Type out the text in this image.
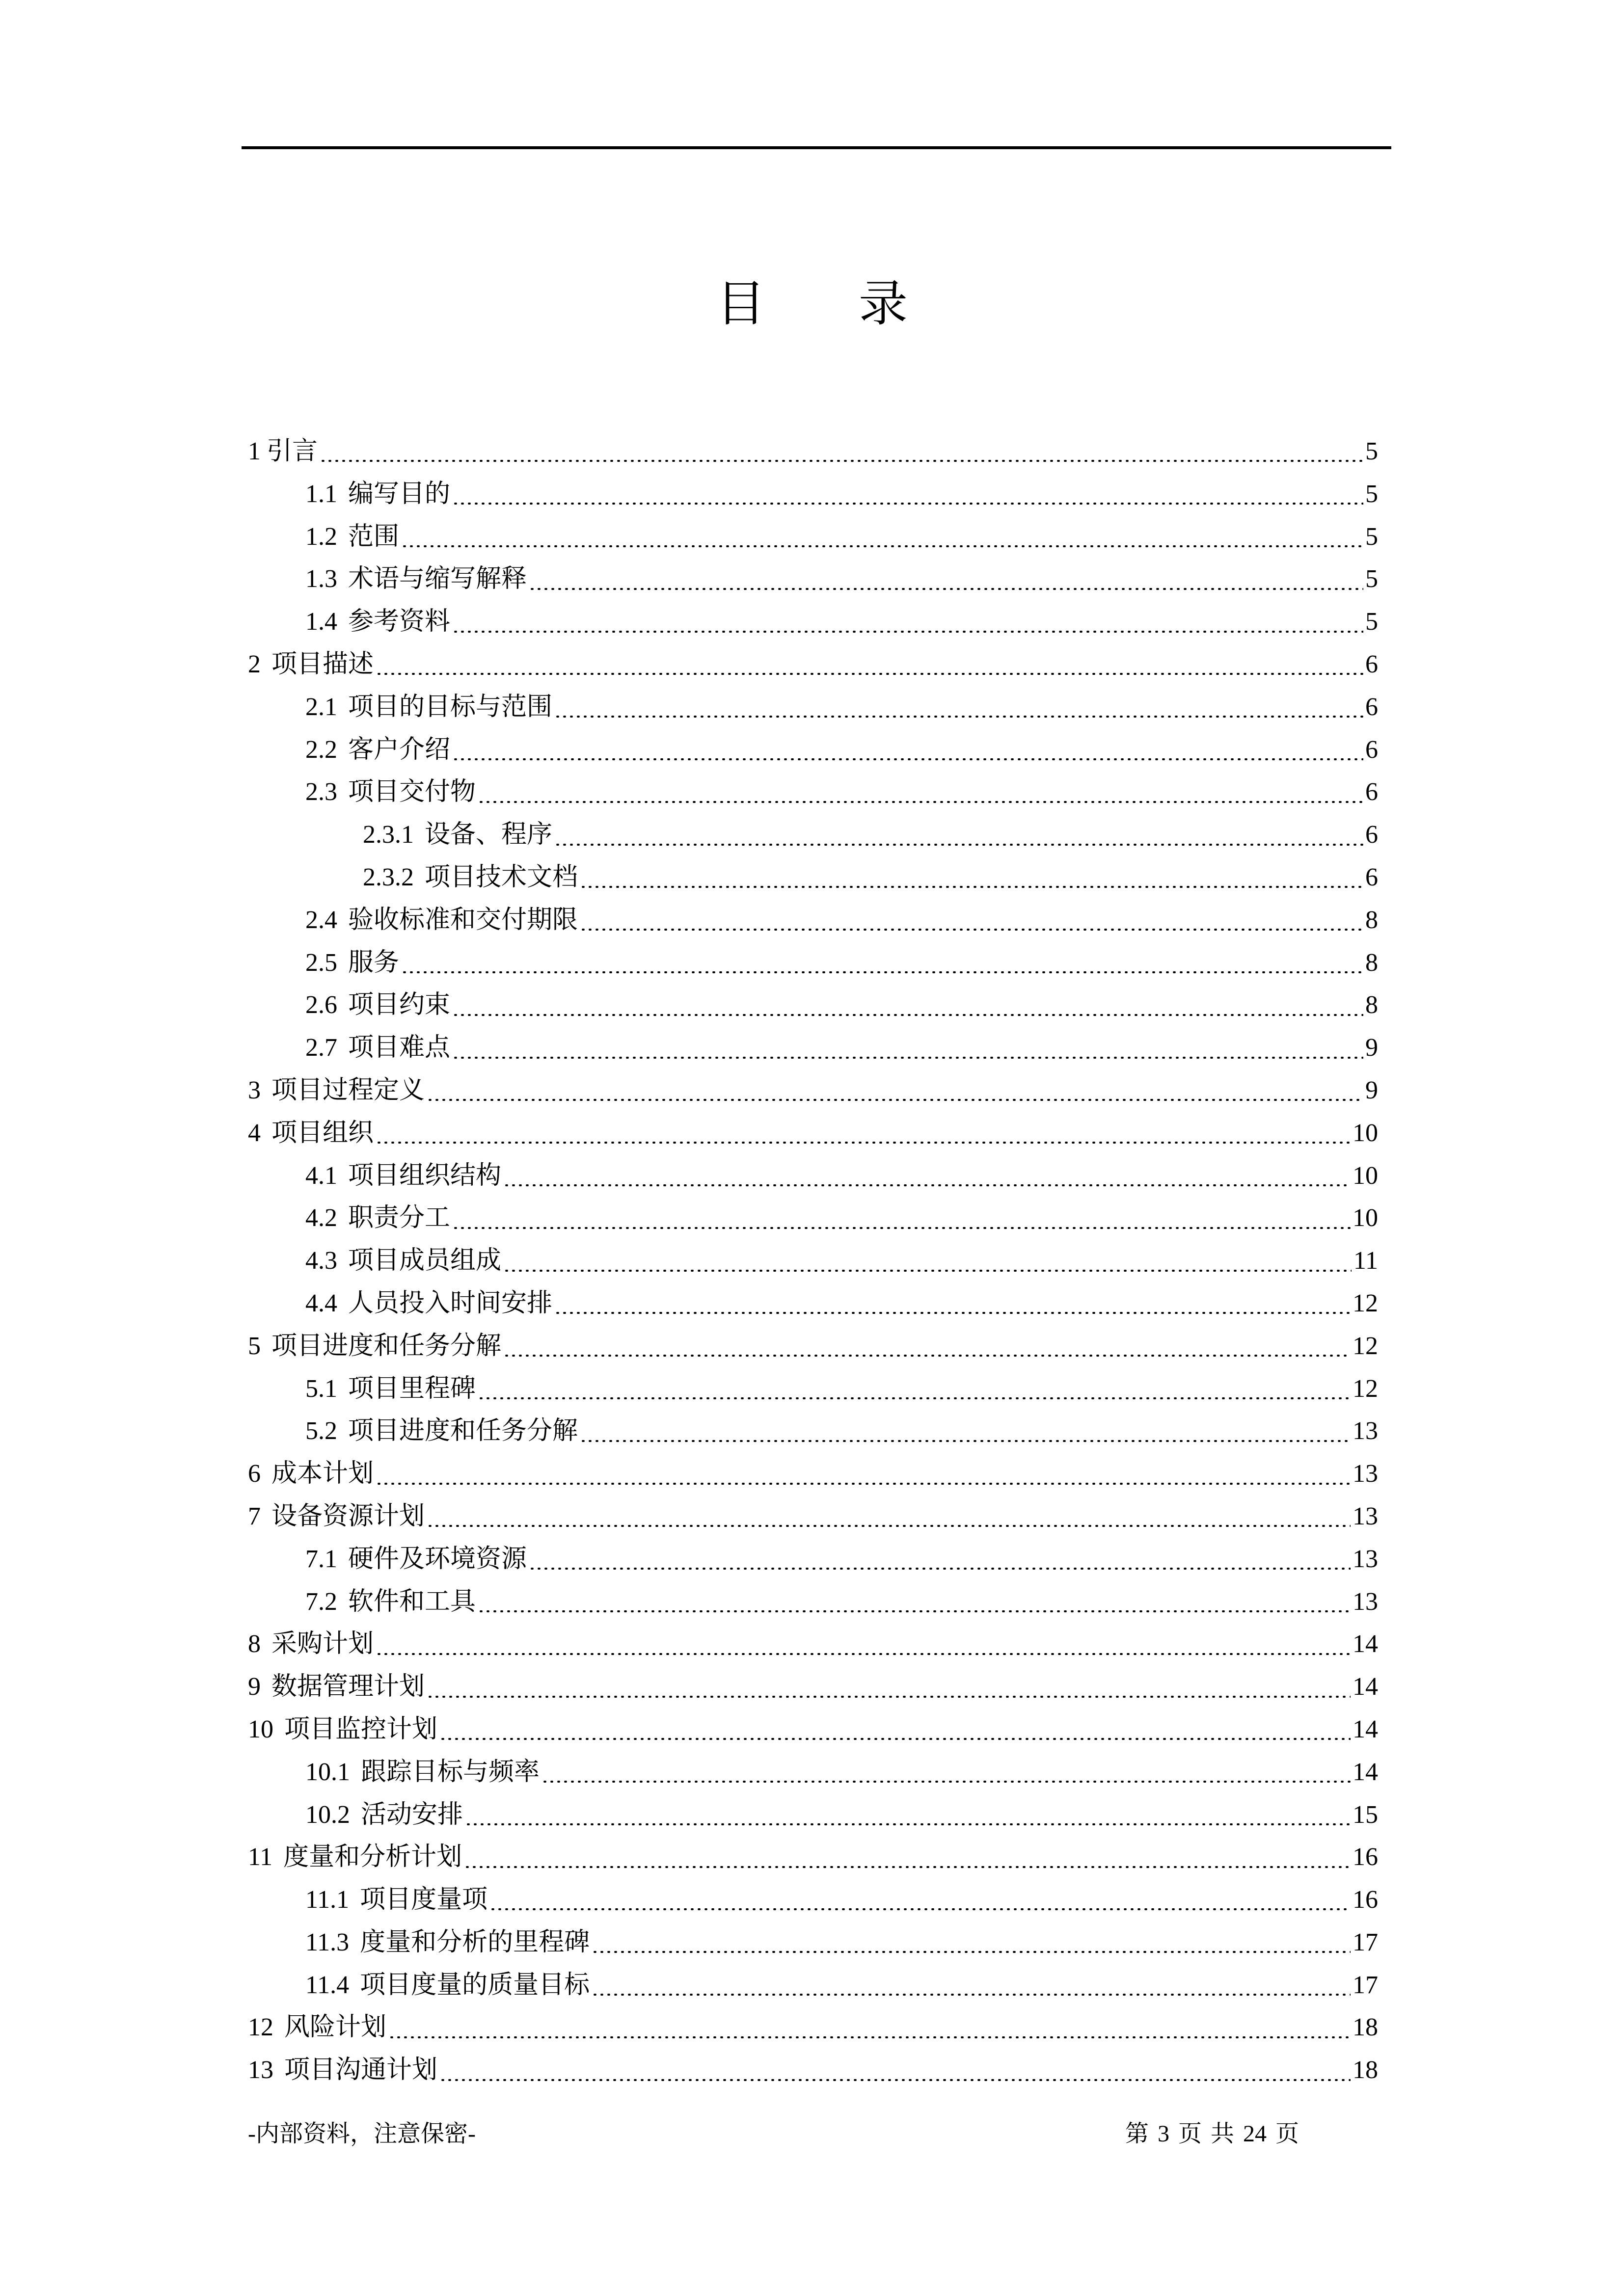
目 录
1 引言	5
1.1 编写目的	5
1.2 范围	5
1.3 术语与缩写解释	5
1.4 参考资料	5
2 项目描述	6
2.1 项目的目标与范围	6
2.2 客户介绍	6
2.3 项目交付物	6
2.3.1 设备、程序	6
2.3.2 项目技术文档	6
2.4 验收标准和交付期限	8
2.5 服务	8
2.6 项目约束	8
2.7 项目难点	9
3 项目过程定义	9
4 项目组织	10
4.1 项目组织结构	10
4.2 职责分工	10
4.3 项目成员组成	11
4.4 人员投入时间安排	12
5 项目进度和任务分解	12
5.1 项目里程碑	12
5.2 项目进度和任务分解	13
6 成本计划	13
7 设备资源计划	13
7.1 硬件及环境资源	13
7.2 软件和工具	13
8 采购计划	14
9 数据管理计划	14
10 项目监控计划	14
10.1 跟踪目标与频率	14
10.2 活动安排	15
11 度量和分析计划	16
11.1 项目度量项	16
11.3 度量和分析的里程碑	17
11.4 项目度量的质量目标	17
12 风险计划	18
13 项目沟通计划	18
-内部资料，注意保密-	第 3 页 共 24 页
